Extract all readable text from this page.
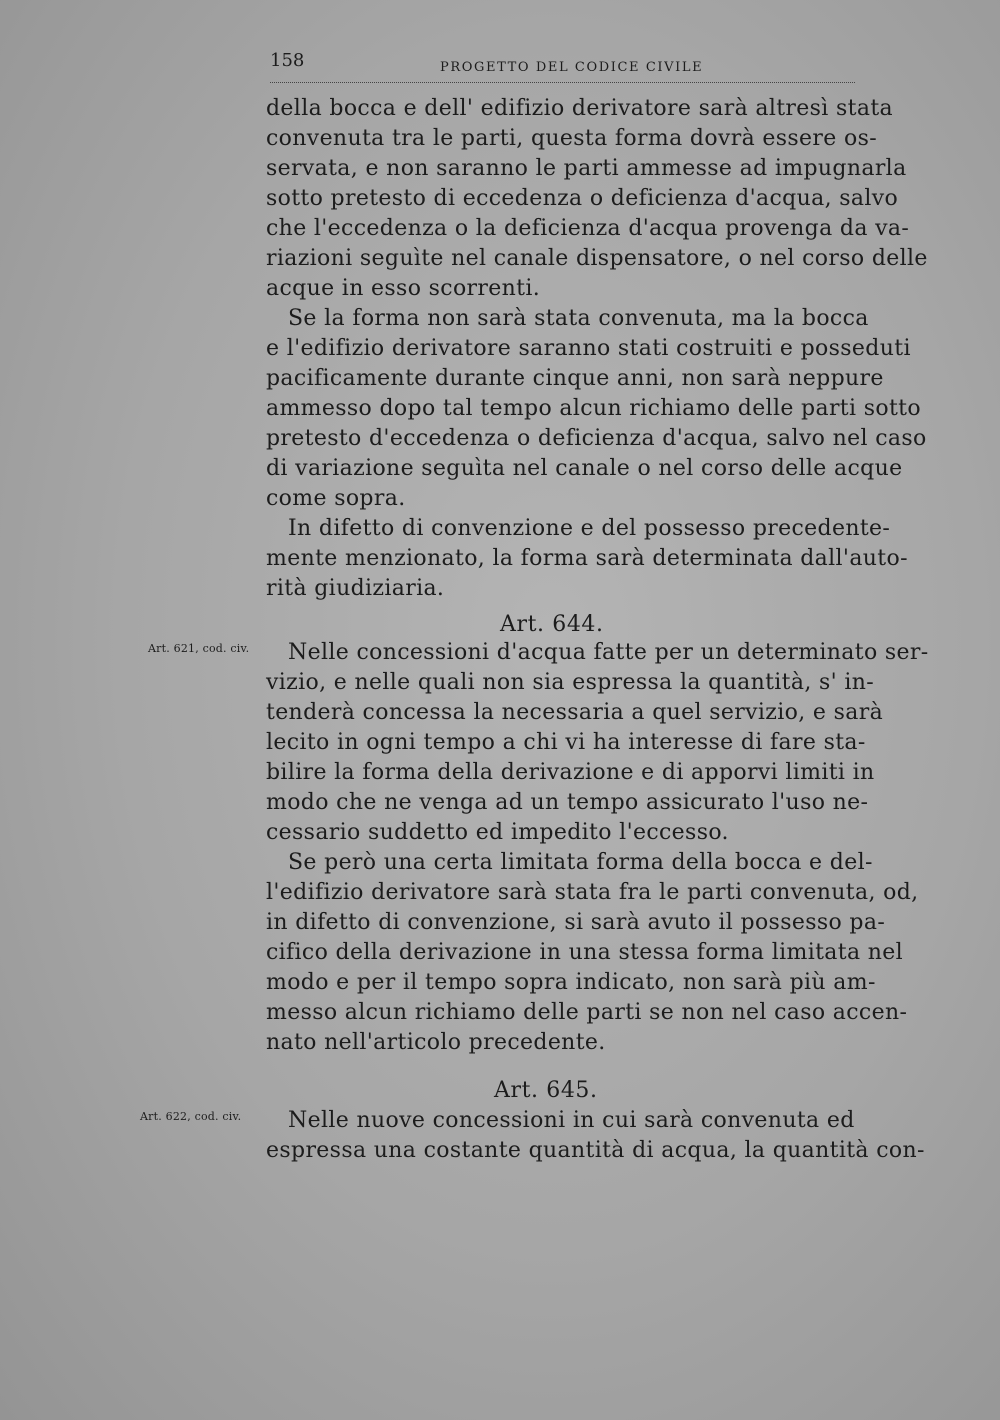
158	PROGETTO DEL CODICE CIVILE
della bocca e dell' edifizio derivatore sarà altresì stata
convenuta tra le parti, questa forma dovrà essere os-
servata, e non saranno le parti ammesse ad impugnarla
sotto pretesto di eccedenza o deficienza d'acqua, salvo
che l'eccedenza o la deficienza d'acqua provenga da va-
riazioni seguìte nel canale dispensatore, o nel corso delle
acque in esso scorrenti.
Se la forma non sarà stata convenuta, ma la bocca
e l'edifizio derivatore saranno stati costruiti e posseduti
pacificamente durante cinque anni, non sarà neppure
ammesso dopo tal tempo alcun richiamo delle parti sotto
pretesto d'eccedenza o deficienza d'acqua, salvo nel caso
di variazione seguìta nel canale o nel corso delle acque
come sopra.
In difetto di convenzione e del possesso precedente-
mente menzionato, la forma sarà determinata dall'auto-
rità giudiziaria.
Art. 644.
Art. 621, cod. civ.	Nelle concessioni d'acqua fatte per un determinato ser-
vizio, e nelle quali non sia espressa la quantità, s' in-
tenderà concessa la necessaria a quel servizio, e sarà
lecito in ogni tempo a chi vi ha interesse di fare sta-
bilire la forma della derivazione e di apporvi limiti in
modo che ne venga ad un tempo assicurato l'uso ne-
cessario suddetto ed impedito l'eccesso.
Se però una certa limitata forma della bocca e del-
l'edifizio derivatore sarà stata fra le parti convenuta, od,
in difetto di convenzione, si sarà avuto il possesso pa-
cifico della derivazione in una stessa forma limitata nel
modo e per il tempo sopra indicato, non sarà più am-
messo alcun richiamo delle parti se non nel caso accen-
nato nell'articolo precedente.
Art. 645.
Art. 622, cod. civ.	Nelle nuove concessioni in cui sarà convenuta ed
espressa una costante quantità di acqua, la quantità con-
